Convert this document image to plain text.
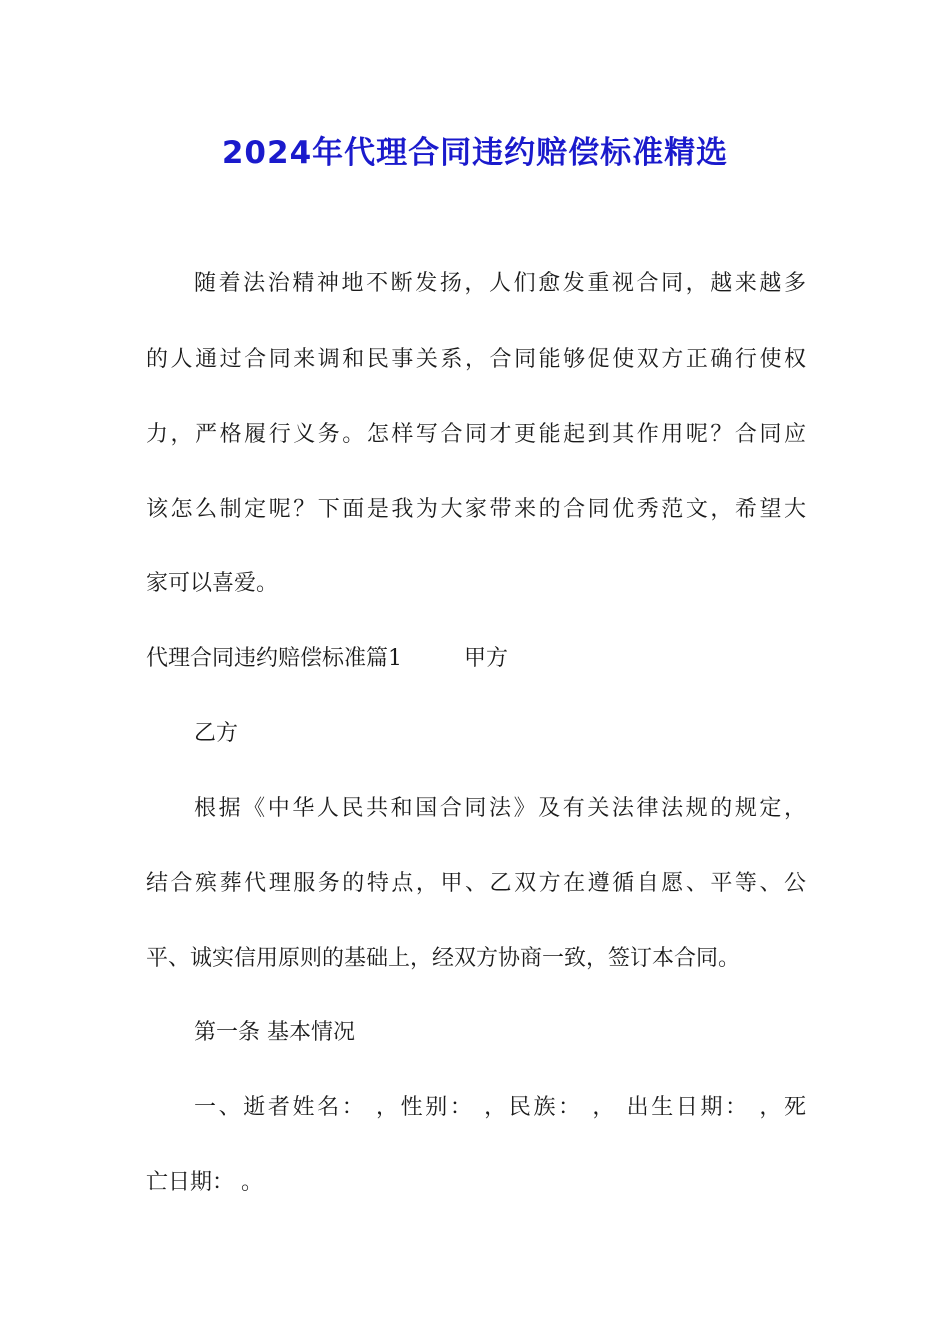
2024年代理合同违约赔偿标准精选
随着法治精神地不断发扬，人们愈发重视合同，越来越多
的人通过合同来调和民事关系，合同能够促使双方正确行使权
力，严格履行义务。怎样写合同才更能起到其作用呢？合同应
该怎么制定呢？下面是我为大家带来的合同优秀范文，希望大
家可以喜爱。
代理合同违约赔偿标准篇1	甲方
乙方
根据《中华人民共和国合同法》及有关法律法规的规定，
结合殡葬代理服务的特点，甲、乙双方在遵循自愿、平等、公
平、诚实信用原则的基础上，经双方协商一致，签订本合同。
第一条 基本情况
一、逝者姓名： ，性别： ，民族： ， 出生日期： ，死
亡日期： 。
